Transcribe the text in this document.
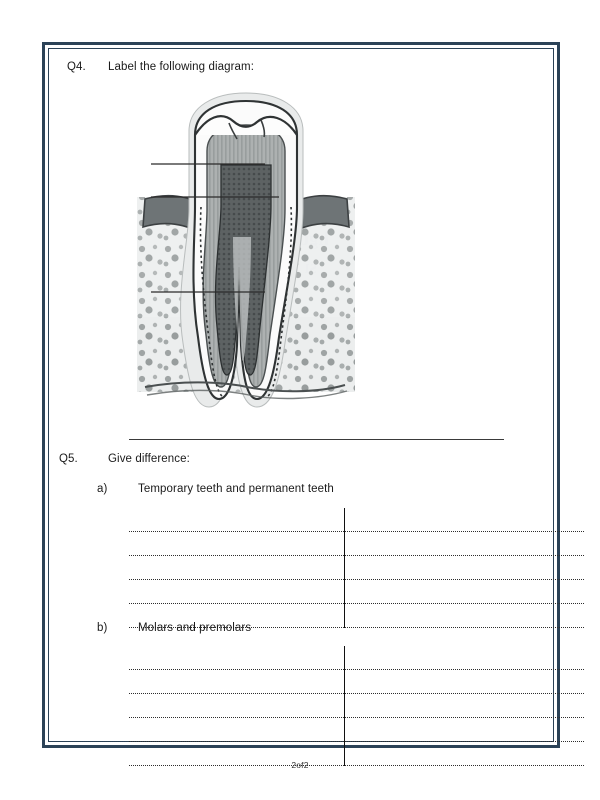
Q4.	Label the following diagram:
Q5.	Give difference:
a)	Temporary teeth and permanent teeth
b)	Molars and premolars
2of2
